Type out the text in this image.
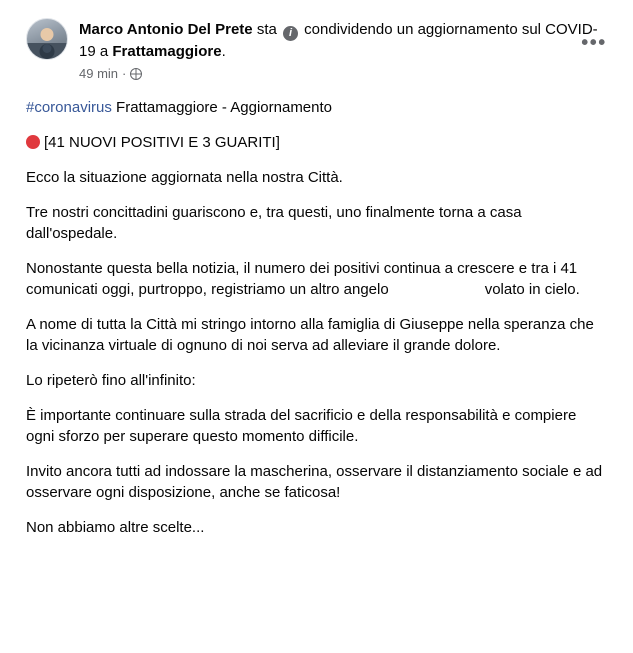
Marco Antonio Del Prete sta i condividendo un aggiornamento sul COVID-19 a Frattamaggiore.
49 min ·
•••

#coronavirus Frattamaggiore - Aggiornamento

[41 NUOVI POSITIVI E 3 GUARITI]

Ecco la situazione aggiornata nella nostra Città.

Tre nostri concittadini guariscono e, tra questi, uno finalmente torna a casa dall'ospedale.

Nonostante questa bella notizia, il numero dei positivi continua a crescere e tra i 41 comunicati oggi, purtroppo, registriamo un altro angelo	volato in cielo.

A nome di tutta la Città mi stringo intorno alla famiglia di Giuseppe nella speranza che la vicinanza virtuale di ognuno di noi serva ad alleviare il grande dolore.

Lo ripeterò fino all'infinito:

È importante continuare sulla strada del sacrificio e della responsabilità e compiere ogni sforzo per superare questo momento difficile.

Invito ancora tutti ad indossare la mascherina, osservare il distanziamento sociale e ad osservare ogni disposizione, anche se faticosa!

Non abbiamo altre scelte...
